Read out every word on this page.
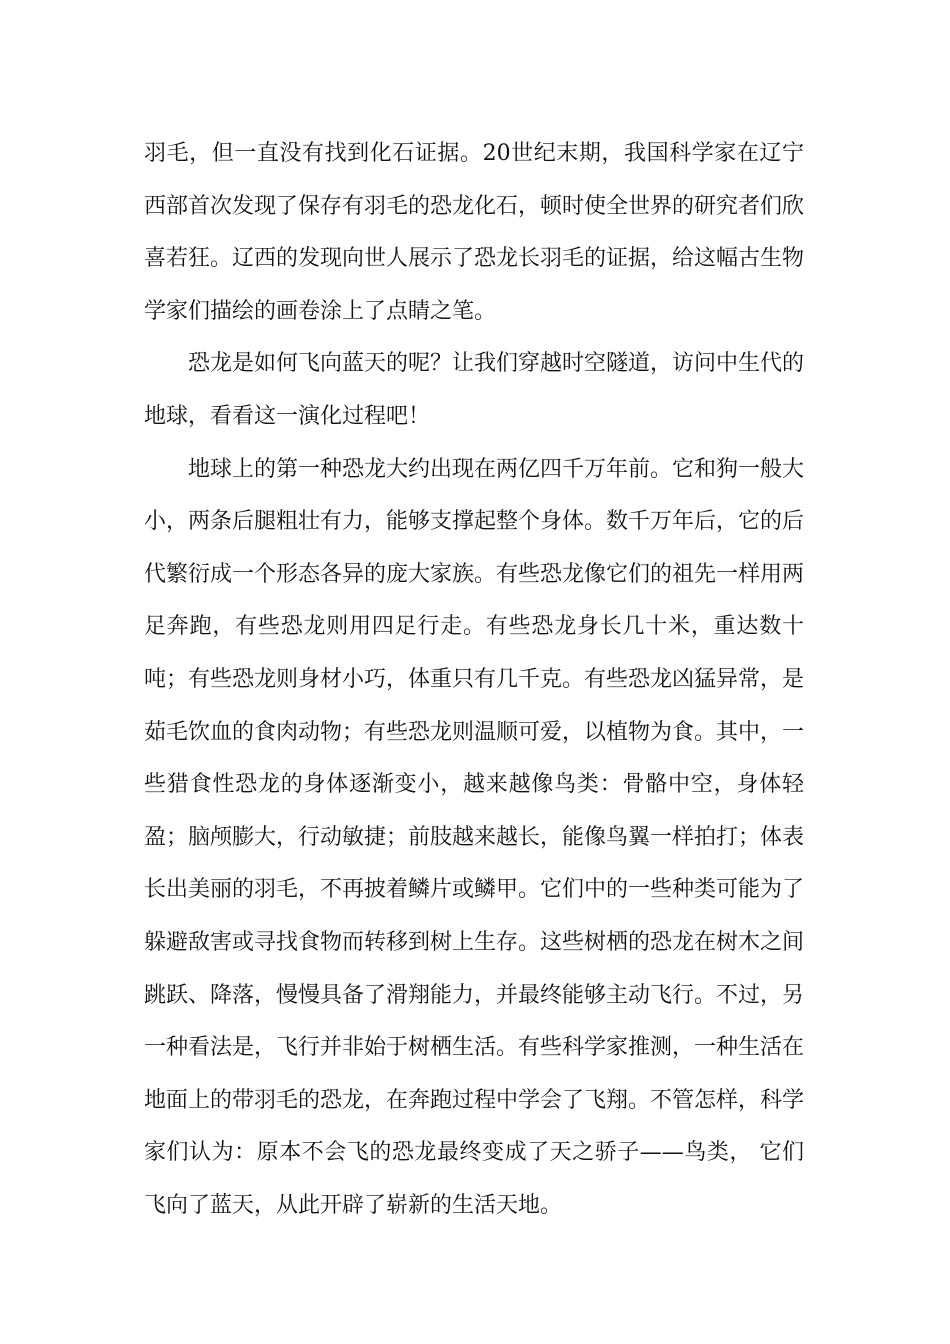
羽毛，但一直没有找到化石证据。20世纪末期，我国科学家在辽宁西部首次发现了保存有羽毛的恐龙化石，顿时使全世界的研究者们欣喜若狂。辽西的发现向世人展示了恐龙长羽毛的证据，给这幅古生物学家们描绘的画卷涂上了点睛之笔。

恐龙是如何飞向蓝天的呢？让我们穿越时空隧道，访问中生代的地球，看看这一演化过程吧！

地球上的第一种恐龙大约出现在两亿四千万年前。它和狗一般大小，两条后腿粗壮有力，能够支撑起整个身体。数千万年后，它的后代繁衍成一个形态各异的庞大家族。有些恐龙像它们的祖先一样用两足奔跑，有些恐龙则用四足行走。有些恐龙身长几十米，重达数十吨；有些恐龙则身材小巧，体重只有几千克。有些恐龙凶猛异常，是茹毛饮血的食肉动物；有些恐龙则温顺可爱，以植物为食。其中，一些猎食性恐龙的身体逐渐变小，越来越像鸟类：骨骼中空，身体轻盈；脑颅膨大，行动敏捷；前肢越来越长，能像鸟翼一样拍打；体表长出美丽的羽毛，不再披着鳞片或鳞甲。它们中的一些种类可能为了躲避敌害或寻找食物而转移到树上生存。这些树栖的恐龙在树木之间跳跃、降落，慢慢具备了滑翔能力，并最终能够主动飞行。不过，另一种看法是，飞行并非始于树栖生活。有些科学家推测，一种生活在地面上的带羽毛的恐龙，在奔跑过程中学会了飞翔。不管怎样，科学家们认为：原本不会飞的恐龙最终变成了天之骄子——鸟类， 它们飞向了蓝天，从此开辟了崭新的生活天地。
